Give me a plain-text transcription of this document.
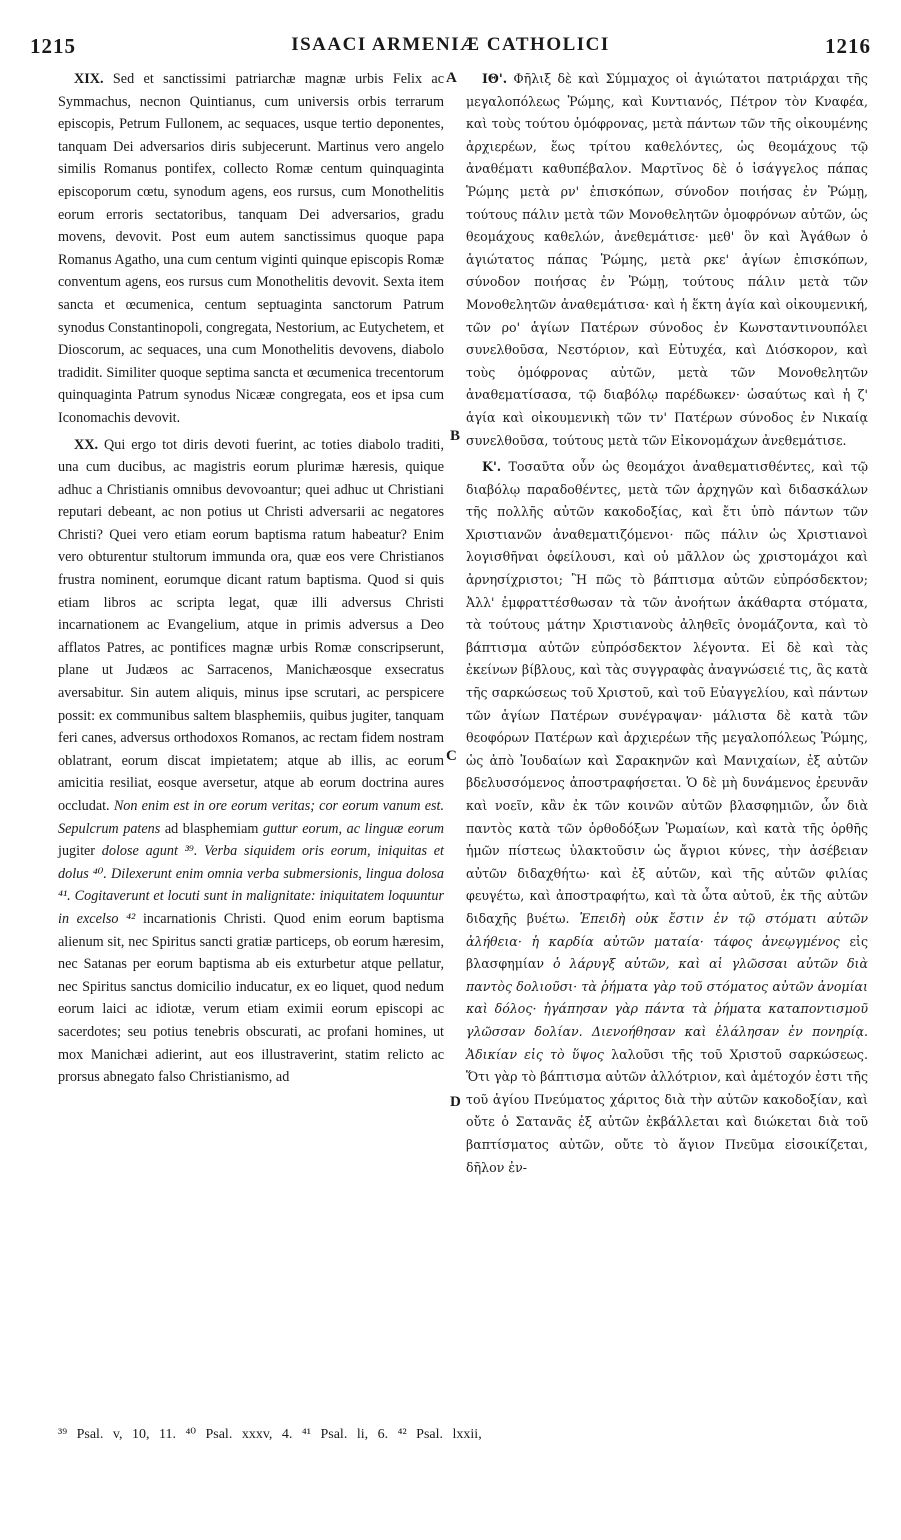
1215	ISAACI ARMENIÆ CATHOLICI	1216

XIX. Sed et sanctissimi patriarchæ magnæ urbis Felix ac Symmachus, necnon Quintianus, cum universis orbis terrarum episcopis, Petrum Fullonem, ac sequaces, usque tertio deponentes, tanquam Dei adversarios diris subjecerunt. Martinus vero angelo similis Romanus pontifex, collecto Romæ centum quinquaginta episcoporum cœtu, synodum agens, eos rursus, cum Monothelitis eorum erroris sectatoribus, tanquam Dei adversarios, gradu movens, devovit. Post eum autem sanctissimus quoque papa Romanus Agatho, una cum centum viginti quinque episcopis Romæ conventum agens, eos rursus cum Monothelitis devovit. Sexta item sancta et œcumenica, centum septuaginta sanctorum Patrum synodus Constantinopoli, congregata, Nestorium, ac Eutychetem, et Dioscorum, ac sequaces, una cum Monothelitis devovens, diabolo tradidit. Similiter quoque septima sancta et œcumenica trecentorum quinquaginta Patrum synodus Nicææ congregata, eos et ipsa cum Iconomachis devovit.

XX. Qui ergo tot diris devoti fuerint, ac toties diabolo traditi, una cum ducibus, ac magistris eorum plurimæ hæresis, quique adhuc a Christianis omnibus devovoantur; quei adhuc ut Christiani reputari debeant, ac non potius ut Christi adversarii ac negatores Christi? Quei vero etiam eorum baptisma ratum habeatur? Enim vero obturentur stultorum immunda ora, quæ eos vere Christianos frustra nominent, eorumque dicant ratum baptisma. Quod si quis etiam libros ac scripta legat, quæ illi adversus Christi incarnationem ac Evangelium, atque in primis adversus a Deo afflatos Patres, ac pontifices magnæ urbis Romæ conscripserunt, plane ut Judæos ac Sarracenos, Manichæosque exsecratus aversabitur. Sin autem aliquis, minus ipse scrutari, ac perspicere possit: ex communibus saltem blasphemiis, quibus jugiter, tanquam feri canes, adversus orthodoxos Romanos, ac rectam fidem nostram oblatrant, eorum discat impietatem; atque ab illis, ac eorum amicitia resiliat, eosque aversetur, atque ab eorum doctrina aures occludat. Non enim est in ore eorum veritas; cor eorum vanum est. Sepulcrum patens ad blasphemiam guttur eorum, ac linguæ eorum jugiter dolose agunt ³⁹. Verba siquidem oris eorum, iniquitas et dolus ⁴⁰. Dilexerunt enim omnia verba submersionis, lingua dolosa ⁴¹. Cogitaverunt et locuti sunt in malignitate: iniquitatem loquuntur in excelso ⁴² incarnationis Christi. Quod enim eorum baptisma alienum sit, nec Spiritus sancti gratiæ particeps, ob eorum hæresim, nec Satanas per eorum baptisma ab eis exturbetur atque pellatur, nec Spiritus sanctus domicilio inducatur, ex eo liquet, quod nedum eorum laici ac idiotæ, verum etiam eximii eorum episcopi ac sacerdotes; seu potius tenebris obscurati, ac profani homines, ut mox Manichæi adierint, aut eos illustraverint, statim relicto ac prorsus abnegato falso Christianismo, ad

A
B
C
D

ΙΘ'. Φῆλιξ δὲ καὶ Σύμμαχος οἱ ἁγιώτατοι πατριάρχαι τῆς μεγαλοπόλεως Ῥώμης, καὶ Κυντιανός, Πέτρον τὸν Κναφέα, καὶ τοὺς τούτου ὁμόφρονας, μετὰ πάντων τῶν τῆς οἰκουμένης ἀρχιερέων, ἕως τρίτου καθελόντες, ὡς θεομάχους τῷ ἀναθέματι καθυπέβαλον. Μαρτῖνος δὲ ὁ ἰσάγγελος πάπας Ῥώμης μετὰ ρν' ἐπισκόπων, σύνοδον ποιήσας ἐν Ῥώμῃ, τούτους πάλιν μετὰ τῶν Μονοθελητῶν ὁμοφρόνων αὐτῶν, ὡς θεομάχους καθελών, ἀνεθεμάτισε· μεθ' ὃν καὶ Ἀγάθων ὁ ἁγιώτατος πάπας Ῥώμης, μετὰ ρκε' ἁγίων ἐπισκόπων, σύνοδον ποιήσας ἐν Ῥώμῃ, τούτους πάλιν μετὰ τῶν Μονοθελητῶν ἀναθεμάτισα· καὶ ἡ ἕκτη ἁγία καὶ οἰκουμενική, τῶν ρο' ἁγίων Πατέρων σύνοδος ἐν Κωνσταντινουπόλει συνελθοῦσα, Νεστόριον, καὶ Εὐτυχέα, καὶ Διόσκορον, καὶ τοὺς ὁμόφρονας αὐτῶν, μετὰ τῶν Μονοθελητῶν ἀναθεματίσασα, τῷ διαβόλῳ παρέδωκεν· ὡσαύτως καὶ ἡ ζ' ἁγία καὶ οἰκουμενικὴ τῶν τν' Πατέρων σύνοδος ἐν Νικαίᾳ συνελθοῦσα, τούτους μετὰ τῶν Εἰκονομάχων ἀνεθεμάτισε.

Κ'. Τοσαῦτα οὖν ὡς θεομάχοι ἀναθεματισθέντες, καὶ τῷ διαβόλῳ παραδοθέντες, μετὰ τῶν ἀρχηγῶν καὶ διδασκάλων τῆς πολλῆς αὐτῶν κακοδοξίας, καὶ ἔτι ὑπὸ πάντων τῶν Χριστιανῶν ἀναθεματιζόμενοι· πῶς πάλιν ὡς Χριστιανοὶ λογισθῆναι ὀφείλουσι, καὶ οὐ μᾶλλον ὡς χριστομάχοι καὶ ἀρνησίχριστοι; Ἢ πῶς τὸ βάπτισμα αὐτῶν εὐπρόσδεκτον; Ἀλλ' ἐμφραττέσθωσαν τὰ τῶν ἀνοήτων ἀκάθαρτα στόματα, τὰ τούτους μάτην Χριστιανοὺς ἀληθεῖς ὀνομάζοντα, καὶ τὸ βάπτισμα αὐτῶν εὐπρόσδεκτον λέγοντα. Εἰ δὲ καὶ τὰς ἐκείνων βίβλους, καὶ τὰς συγγραφὰς ἀναγνώσειέ τις, ἃς κατὰ τῆς σαρκώσεως τοῦ Χριστοῦ, καὶ τοῦ Εὐαγγελίου, καὶ πάντων τῶν ἁγίων Πατέρων συνέγραψαν· μάλιστα δὲ κατὰ τῶν θεοφόρων Πατέρων καὶ ἀρχιερέων τῆς μεγαλοπόλεως Ῥώμης, ὡς ἀπὸ Ἰουδαίων καὶ Σαρακηνῶν καὶ Μανιχαίων, ἐξ αὐτῶν βδελυσσόμενος ἀποστραφήσεται. Ὁ δὲ μὴ δυνάμενος ἐρευνᾶν καὶ νοεῖν, κἂν ἐκ τῶν κοινῶν αὐτῶν βλασφημιῶν, ὧν διὰ παντὸς κατὰ τῶν ὀρθοδόξων Ῥωμαίων, καὶ κατὰ τῆς ὀρθῆς ἡμῶν πίστεως ὑλακτοῦσιν ὡς ἄγριοι κύνες, τὴν ἀσέβειαν αὐτῶν διδαχθήτω· καὶ ἐξ αὐτῶν, καὶ τῆς αὐτῶν φιλίας φευγέτω, καὶ ἀποστραφήτω, καὶ τὰ ὦτα αὐτοῦ, ἐκ τῆς αὐτῶν διδαχῆς βυέτω. Ἐπειδὴ οὐκ ἔστιν ἐν τῷ στόματι αὐτῶν ἀλήθεια· ἡ καρδία αὐτῶν ματαία· τάφος ἀνεῳγμένος εἰς βλασφημίαν ὁ λάρυγξ αὐτῶν, καὶ αἱ γλῶσσαι αὐτῶν διὰ παντὸς δολιοῦσι· τὰ ῥήματα γὰρ τοῦ στόματος αὐτῶν ἀνομίαι καὶ δόλος· ἠγάπησαν γὰρ πάντα τὰ ῥήματα καταποντισμοῦ γλῶσσαν δολίαν. Διενοήθησαν καὶ ἐλάλησαν ἐν πονηρίᾳ. Ἀδικίαν εἰς τὸ ὕψος λαλοῦσι τῆς τοῦ Χριστοῦ σαρκώσεως. Ὅτι γὰρ τὸ βάπτισμα αὐτῶν ἀλλότριον, καὶ ἀμέτοχόν ἐστι τῆς τοῦ ἁγίου Πνεύματος χάριτος διὰ τὴν αὐτῶν κακοδοξίαν, καὶ οὔτε ὁ Σατανᾶς ἐξ αὐτῶν ἐκβάλλεται καὶ διώκεται διὰ τοῦ βαπτίσματος αὐτῶν, οὔτε τὸ ἅγιον Πνεῦμα εἰσοικίζεται, δῆλον ἐν-

³⁹ Psal. v, 10, 11. ⁴⁰ Psal. xxxv, 4. ⁴¹ Psal. li, 6. ⁴² Psal. lxxii,
